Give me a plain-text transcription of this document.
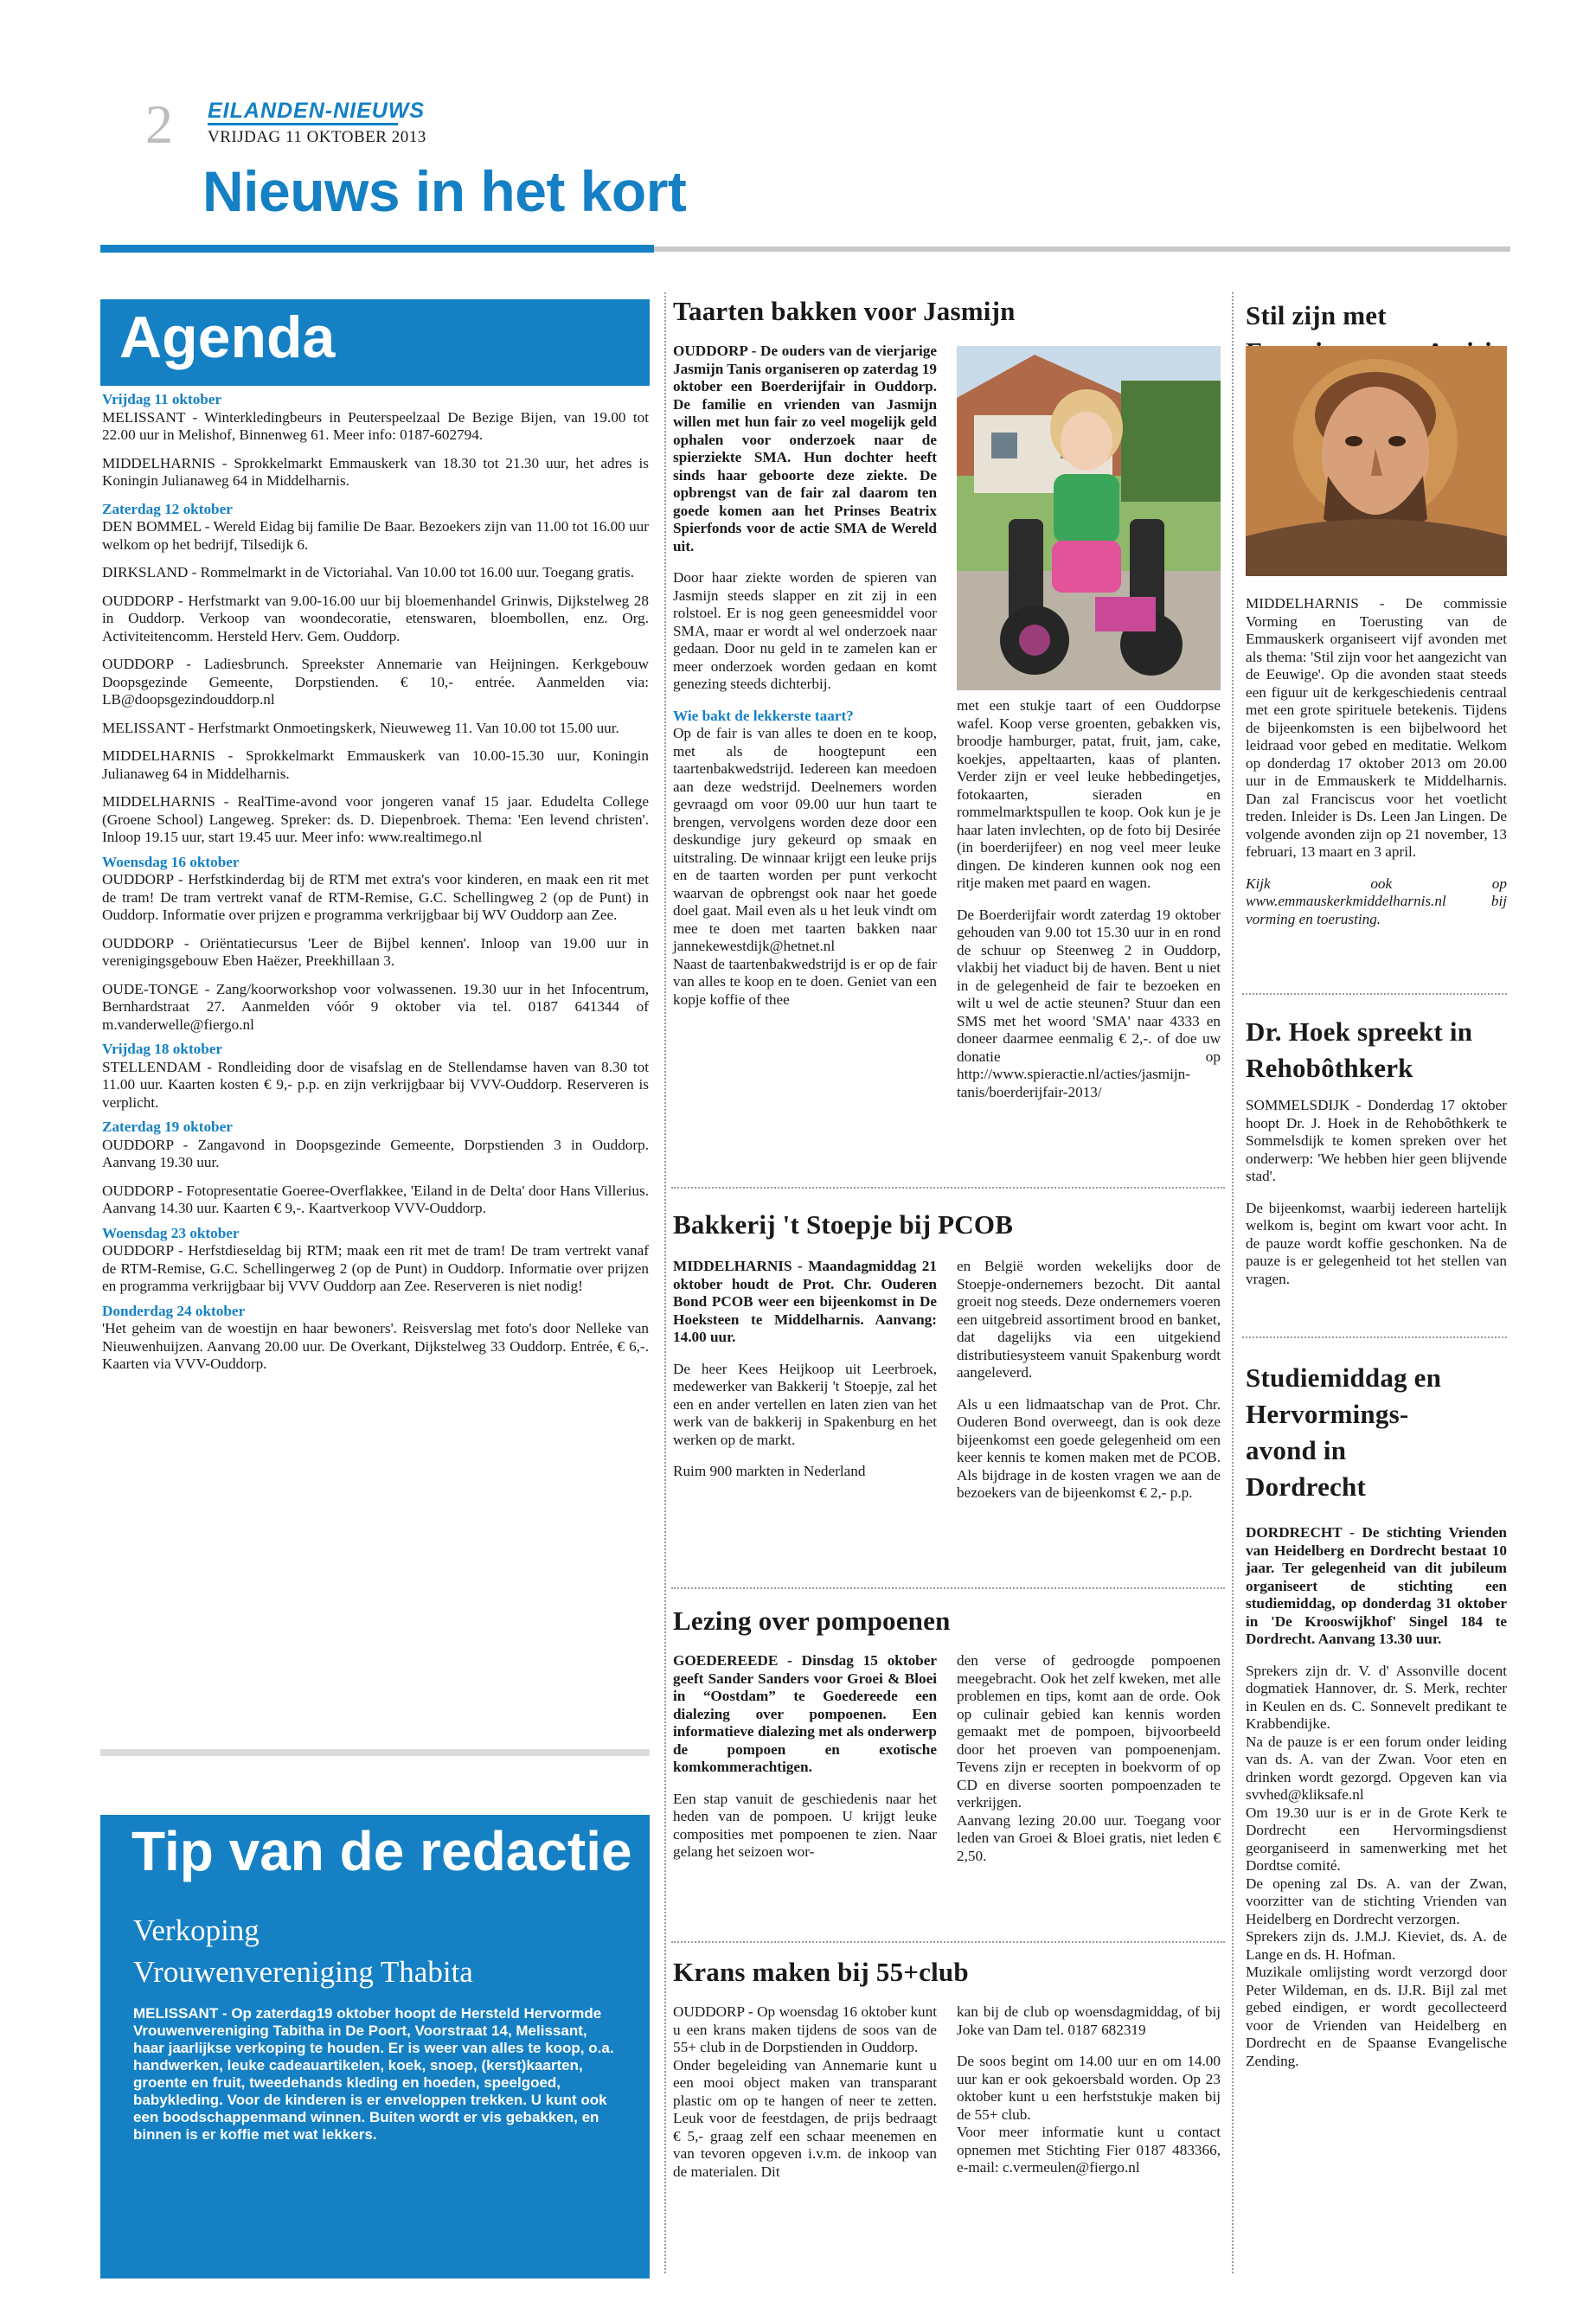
2 EILANDEN-NIEUWS
VRIJDAG 11 OKTOBER 2013
Nieuws in het kort
Agenda

Vrijdag 11 oktober

MELISSANT - Winterkledingbeurs in Peuterspeelzaal De Bezige Bijen, van 19.00 tot 22.00 uur in Melishof, Binnenweg 61. Meer info: 0187-602794.

MIDDELHARNIS - Sprokkelmarkt Emmauskerk van 18.30 tot 21.30 uur, het adres is Koningin Julianaweg 64 in Middelharnis.

Zaterdag 12 oktober

DEN BOMMEL - Wereld Eidag bij familie De Baar. Bezoekers zijn van 11.00 tot 16.00 uur welkom op het bedrijf, Tilsedijk 6.

DIRKSLAND - Rommelmarkt in de Victoriahal. Van 10.00 tot 16.00 uur. Toegang gratis.

OUDDORP - Herfstmarkt van 9.00-16.00 uur bij bloemenhandel Grinwis, Dijkstelweg 28 in Ouddorp. Verkoop van woondecoratie, etenswaren, bloembollen, enz. Org. Activiteitencomm. Hersteld Herv. Gem. Ouddorp.

OUDDORP - Ladiesbrunch. Spreekster Annemarie van Heijningen. Kerkgebouw Doopsgezinde Gemeente, Dorpstienden. € 10,- entrée. Aanmelden via: LB@doopsgezindouddorp.nl

MELISSANT - Herfstmarkt Onmoetingskerk, Nieuweweg 11. Van 10.00 tot 15.00 uur.

MIDDELHARNIS - Sprokkelmarkt Emmauskerk van 10.00-15.30 uur, Koningin Julianaweg 64 in Middelharnis.

MIDDELHARNIS - RealTime-avond voor jongeren vanaf 15 jaar. Edudelta College (Groene School) Langeweg. Spreker: ds. D. Diepenbroek. Thema: 'Een levend christen'. Inloop 19.15 uur, start 19.45 uur. Meer info: www.realtimego.nl

Woensdag 16 oktober

OUDDORP - Herfstkinderdag bij de RTM met extra's voor kinderen, en maak een rit met de tram! De tram vertrekt vanaf de RTM-Remise, G.C. Schellingweg 2 (op de Punt) in Ouddorp. Informatie over prijzen e programma verkrijgbaar bij WV Ouddorp aan Zee.

OUDDORP - Oriëntatiecursus 'Leer de Bijbel kennen'. Inloop van 19.00 uur in verenigingsgebouw Eben Haëzer, Preekhillaan 3.

OUDE-TONGE - Zang/koorworkshop voor volwassenen. 19.30 uur in het Infocentrum, Bernhardstraat 27. Aanmelden vóór 9 oktober via tel. 0187 641344 of m.vanderwelle@fiergo.nl

Vrijdag 18 oktober

STELLENDAM - Rondleiding door de visafslag en de Stellendamse haven van 8.30 tot 11.00 uur. Kaarten kosten € 9,- p.p. en zijn verkrijgbaar bij VVV-Ouddorp. Reserveren is verplicht.

Zaterdag 19 oktober

OUDDORP - Zangavond in Doopsgezinde Gemeente, Dorpstienden 3 in Ouddorp. Aanvang 19.30 uur.

OUDDORP - Fotopresentatie Goeree-Overflakkee, 'Eiland in de Delta' door Hans Villerius. Aanvang 14.30 uur. Kaarten € 9,-. Kaartverkoop VVV-Ouddorp.

Woensdag 23 oktober

OUDDORP - Herfstdieseldag bij RTM; maak een rit met de tram! De tram vertrekt vanaf de RTM-Remise, G.C. Schellingerweg 2 (op de Punt) in Ouddorp. Informatie over prijzen en programma verkrijgbaar bij VVV Ouddorp aan Zee. Reserveren is niet nodig!

Donderdag 24 oktober

'Het geheim van de woestijn en haar bewoners'. Reisverslag met foto's door Nelleke van Nieuwenhuijzen. Aanvang 20.00 uur. De Overkant, Dijkstelweg 33 Ouddorp. Entrée, € 6,-. Kaarten via VVV-Ouddorp.

Tip van de redactie
Verkoping
Vrouwenvereniging Thabita
MELISSANT - Op zaterdag19 oktober hoopt de Hersteld Hervormde Vrouwenvereniging Tabitha in De Poort, Voorstraat 14, Melissant, haar jaarlijkse verkoping te houden. Er is weer van alles te koop, o.a. handwerken, leuke cadeauartikelen, koek, snoep, (kerst)kaarten, groente en fruit, tweedehands kleding en hoeden, speelgoed, babykleding. Voor de kinderen is er enveloppen trekken. U kunt ook een boodschappenmand winnen. Buiten wordt er vis gebakken, en binnen is er koffie met wat lekkers.
Taarten bakken voor Jasmijn

OUDDORP - De ouders van de vierjarige Jasmijn Tanis organiseren op zaterdag 19 oktober een Boerderijfair in Ouddorp. De familie en vrienden van Jasmijn willen met hun fair zo veel mogelijk geld ophalen voor onderzoek naar de spierziekte SMA. Hun dochter heeft sinds haar geboorte deze ziekte. De opbrengst van de fair zal daarom ten goede komen aan het Prinses Beatrix Spierfonds voor de actie SMA de Wereld uit.

Door haar ziekte worden de spieren van Jasmijn steeds slapper en zit zij in een rolstoel. Er is nog geen geneesmiddel voor SMA, maar er wordt al wel onderzoek naar gedaan. Door nu geld in te zamelen kan er meer onderzoek worden gedaan en komt genezing steeds dichterbij.

Wie bakt de lekkerste taart?

Op de fair is van alles te doen en te koop, met als de hoogtepunt een taartenbakwedstrijd. Iedereen kan meedoen aan deze wedstrijd. Deelnemers worden gevraagd om voor 09.00 uur hun taart te brengen, vervolgens worden deze door een deskundige jury gekeurd op smaak en uitstraling. De winnaar krijgt een leuke prijs en de taarten worden per punt verkocht waarvan de opbrengst ook naar het goede doel gaat. Mail even als u het leuk vindt om mee te doen met taarten bakken naar jannekewestdijk@hetnet.nl

Naast de taartenbakwedstrijd is er op de fair van alles te koop en te doen. Geniet van een kopje koffie of thee

met een stukje taart of een Ouddorpse wafel. Koop verse groenten, gebakken vis, broodje hamburger, patat, fruit, jam, cake, koekjes, appeltaarten, kaas of planten. Verder zijn er veel leuke hebbedingetjes, fotokaarten, sieraden en rommelmarktspullen te koop. Ook kun je je haar laten invlechten, op de foto bij Desirée (in boerderijfeer) en nog veel meer leuke dingen. De kinderen kunnen ook nog een ritje maken met paard en wagen.

De Boerderijfair wordt zaterdag 19 oktober gehouden van 9.00 tot 15.30 uur in en rond de schuur op Steenweg 2 in Ouddorp, vlakbij het viaduct bij de haven. Bent u niet in de gelegenheid de fair te bezoeken en wilt u wel de actie steunen? Stuur dan een SMS met het woord 'SMA' naar 4333 en doneer daarmee eenmalig € 2,-. of doe uw donatie op http://www.spieractie.nl/acties/jasmijn-tanis/boerderijfair-2013/

Bakkerij 't Stoepje bij PCOB

MIDDELHARNIS - Maandagmiddag 21 oktober houdt de Prot. Chr. Ouderen Bond PCOB weer een bijeenkomst in De Hoeksteen te Middelharnis. Aanvang: 14.00 uur.

De heer Kees Heijkoop uit Leerbroek, medewerker van Bakkerij 't Stoepje, zal het een en ander vertellen en laten zien van het werk van de bakkerij in Spakenburg en het werken op de markt.

Ruim 900 markten in Nederland

en België worden wekelijks door de Stoepje-ondernemers bezocht. Dit aantal groeit nog steeds. Deze ondernemers voeren een uitgebreid assortiment brood en banket, dat dagelijks via een uitgekiend distributiesysteem vanuit Spakenburg wordt aangeleverd.

Als u een lidmaatschap van de Prot. Chr. Ouderen Bond overweegt, dan is ook deze bijeenkomst een goede gelegenheid om een keer kennis te komen maken met de PCOB. Als bijdrage in de kosten vragen we aan de bezoekers van de bijeenkomst € 2,- p.p.

Lezing over pompoenen

GOEDEREEDE - Dinsdag 15 oktober geeft Sander Sanders voor Groei & Bloei in “Oostdam” te Goedereede een dialezing over pompoenen. Een informatieve dialezing met als onderwerp de pompoen en exotische komkommerachtigen.

Een stap vanuit de geschiedenis naar het heden van de pompoen. U krijgt leuke composities met pompoenen te zien. Naar gelang het seizoen wor-

den verse of gedroogde pompoenen meegebracht. Ook het zelf kweken, met alle problemen en tips, komt aan de orde. Ook op culinair gebied kan kennis worden gemaakt met de pompoen, bijvoorbeeld door het proeven van pompoenenjam. Tevens zijn er recepten in boekvorm of op CD en diverse soorten pompoenzaden te verkrijgen.

Aanvang lezing 20.00 uur. Toegang voor leden van Groei & Bloei gratis, niet leden € 2,50.

Krans maken bij 55+club

OUDDORP - Op woensdag 16 oktober kunt u een krans maken tijdens de soos van de 55+ club in de Dorpstienden in Ouddorp.

Onder begeleiding van Annemarie kunt u een mooi object maken van transparant plastic om op te hangen of neer te zetten. Leuk voor de feestdagen, de prijs bedraagt € 5,- graag zelf een schaar meenemen en van tevoren opgeven i.v.m. de inkoop van de materialen. Dit

kan bij de club op woensdagmiddag, of bij Joke van Dam tel. 0187 682319

De soos begint om 14.00 uur en om 14.00 uur kan er ook gekoersbald worden. Op 23 oktober kunt u een herfststukje maken bij de 55+ club.

Voor meer informatie kunt u contact opnemen met Stichting Fier 0187 483366, e-mail: c.vermeulen@fiergo.nl

Stil zijn met

MIDDELHARNIS - De commissie Vorming en Toerusting van de Emmauskerk organiseert vijf avonden met als thema: 'Stil zijn voor het aangezicht van de Eeuwige'. Op die avonden staat steeds een figuur uit de kerkgeschiedenis centraal met een grote spirituele betekenis. Tijdens de bijeenkomsten is een bijbelwoord het leidraad voor gebed en meditatie. Welkom op donderdag 17 oktober 2013 om 20.00 uur in de Emmauskerk te Middelharnis. Dan zal Franciscus voor het voetlicht treden. Inleider is Ds. Leen Jan Lingen. De volgende avonden zijn op 21 november, 13 februari, 13 maart en 3 april.

Kijk ook op www.emmauskerkmiddelharnis.nl bij vorming en toerusting.

Dr. Hoek spreekt in Rehobôthkerk

SOMMELSDIJK - Donderdag 17 oktober hoopt Dr. J. Hoek in de Rehobôthkerk te Sommelsdijk te komen spreken over het onderwerp: 'We hebben hier geen blijvende stad'.

De bijeenkomst, waarbij iedereen hartelijk welkom is, begint om kwart voor acht. In de pauze wordt koffie geschonken. Na de pauze is er gelegenheid tot het stellen van vragen.

Studiemiddag en Hervormings-avond in Dordrecht

DORDRECHT - De stichting Vrienden van Heidelberg en Dordrecht bestaat 10 jaar. Ter gelegenheid van dit jubileum organiseert de stichting een studiemiddag, op donderdag 31 oktober in 'De Krooswijkhof' Singel 184 te Dordrecht. Aanvang 13.30 uur.

Sprekers zijn dr. V. d' Assonville docent dogmatiek Hannover, dr. S. Merk, rechter in Keulen en ds. C. Sonnevelt predikant te Krabbendijke.

Na de pauze is er een forum onder leiding van ds. A. van der Zwan. Voor eten en drinken wordt gezorgd. Opgeven kan via svvhed@kliksafe.nl

Om 19.30 uur is er in de Grote Kerk te Dordrecht een Hervormingsdienst georganiseerd in samenwerking met het Dordtse comité.

De opening zal Ds. A. van der Zwan, voorzitter van de stichting Vrienden van Heidelberg en Dordrecht verzorgen.

Sprekers zijn ds. J.M.J. Kieviet, ds. A. de Lange en ds. H. Hofman.

Muzikale omlijsting wordt verzorgd door Peter Wildeman, en ds. IJ.R. Bijl zal met gebed eindigen, er wordt gecollecteerd voor de Vrienden van Heidelberg en Dordrecht en de Spaanse Evangelische Zending.
